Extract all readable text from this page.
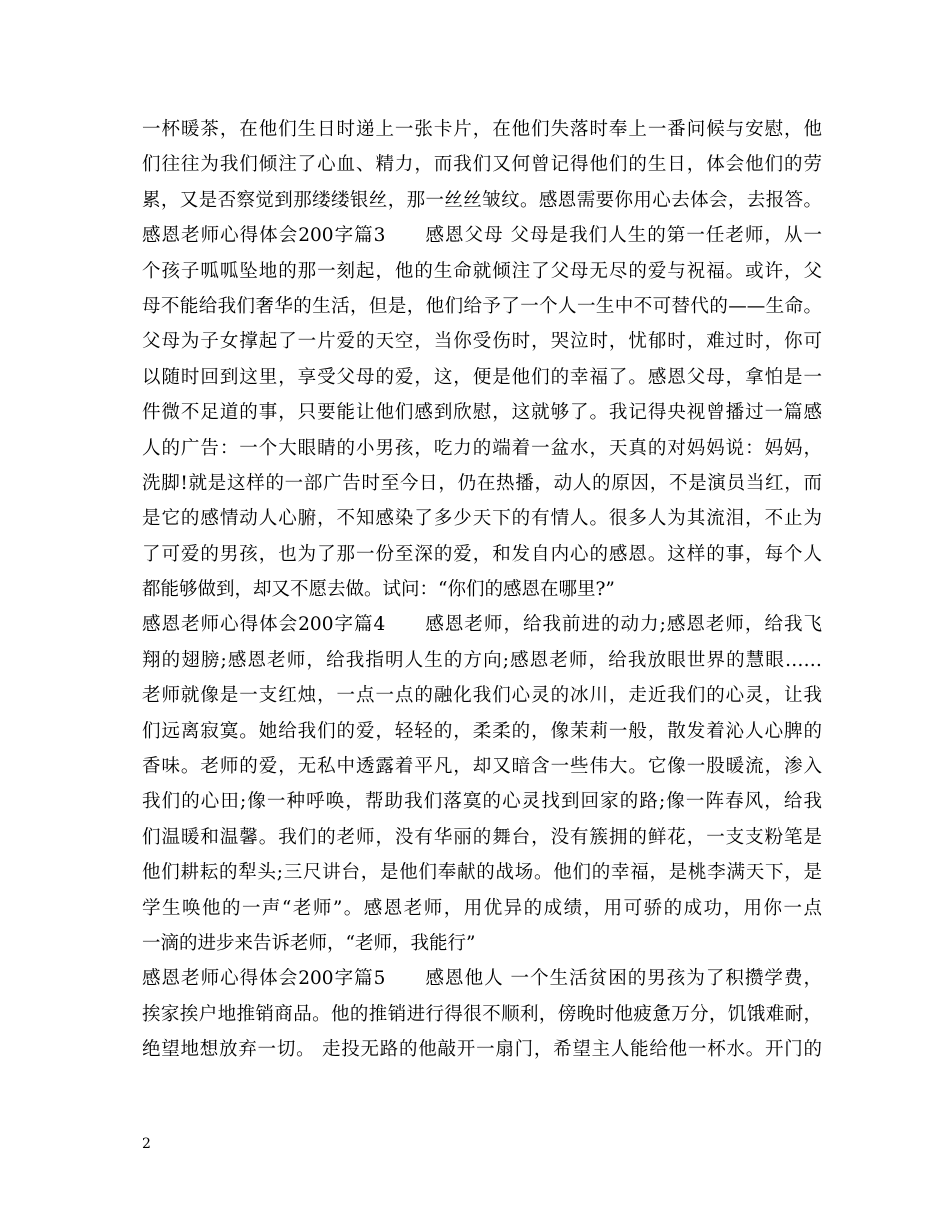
一杯暖茶，在他们生日时递上一张卡片，在他们失落时奉上一番问候与安慰，他
们往往为我们倾注了心血、精力，而我们又何曾记得他们的生日，体会他们的劳
累，又是否察觉到那缕缕银丝，那一丝丝皱纹。感恩需要你用心去体会，去报答。
感恩老师心得体会200字篇3　　感恩父母 父母是我们人生的第一任老师，从一
个孩子呱呱坠地的那一刻起，他的生命就倾注了父母无尽的爱与祝福。或许，父
母不能给我们奢华的生活，但是，他们给予了一个人一生中不可替代的——生命。
父母为子女撑起了一片爱的天空，当你受伤时，哭泣时，忧郁时，难过时，你可
以随时回到这里，享受父母的爱，这，便是他们的幸福了。感恩父母，拿怕是一
件微不足道的事，只要能让他们感到欣慰，这就够了。我记得央视曾播过一篇感
人的广告：一个大眼睛的小男孩，吃力的端着一盆水，天真的对妈妈说：妈妈，
洗脚!就是这样的一部广告时至今日，仍在热播，动人的原因，不是演员当红，而
是它的感情动人心腑，不知感染了多少天下的有情人。很多人为其流泪，不止为
了可爱的男孩，也为了那一份至深的爱，和发自内心的感恩。这样的事，每个人
都能够做到，却又不愿去做。试问：“你们的感恩在哪里?”
感恩老师心得体会200字篇4　　感恩老师，给我前进的动力;感恩老师，给我飞
翔的翅膀;感恩老师，给我指明人生的方向;感恩老师，给我放眼世界的慧眼……
老师就像是一支红烛，一点一点的融化我们心灵的冰川，走近我们的心灵，让我
们远离寂寞。她给我们的爱，轻轻的，柔柔的，像茉莉一般，散发着沁人心脾的
香味。老师的爱，无私中透露着平凡，却又暗含一些伟大。它像一股暖流，渗入
我们的心田;像一种呼唤，帮助我们落寞的心灵找到回家的路;像一阵春风，给我
们温暖和温馨。我们的老师，没有华丽的舞台，没有簇拥的鲜花，一支支粉笔是
他们耕耘的犁头;三尺讲台，是他们奉献的战场。他们的幸福，是桃李满天下，是
学生唤他的一声“老师”。感恩老师，用优异的成绩，用可骄的成功，用你一点
一滴的进步来告诉老师，“老师，我能行”
感恩老师心得体会200字篇5　　感恩他人 一个生活贫困的男孩为了积攒学费，
挨家挨户地推销商品。他的推销进行得很不顺利，傍晚时他疲惫万分，饥饿难耐，
绝望地想放弃一切。 走投无路的他敲开一扇门，希望主人能给他一杯水。开门的
2
